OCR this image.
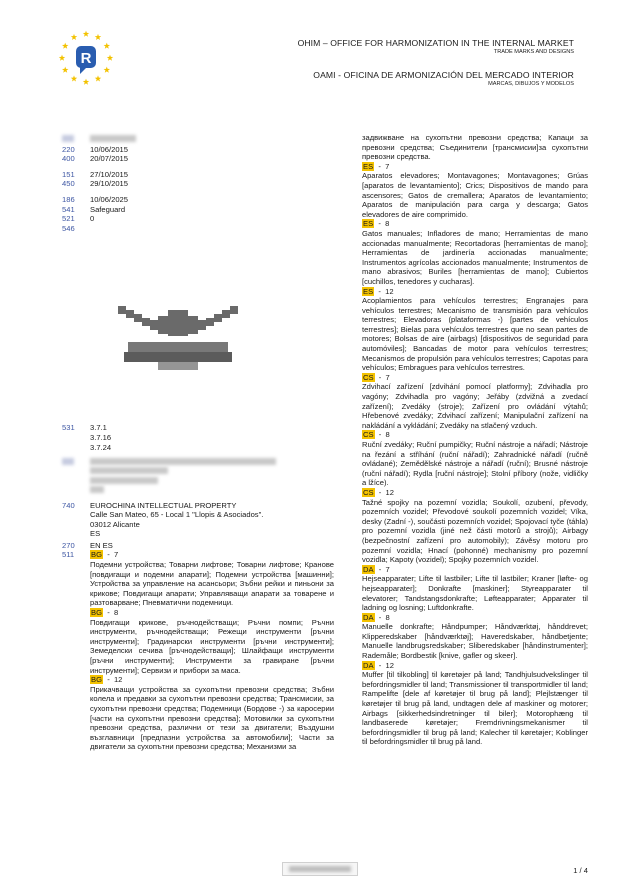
R
OHIM – OFFICE FOR HARMONIZATION IN THE INTERNAL MARKET
TRADE MARKS AND DESIGNS
OAMI - OFICINA DE ARMONIZACIÓN DEL MERCADO INTERIOR
MARCAS, DIBUJOS Y MODELOS
220	10/06/2015
400	20/07/2015
151	27/10/2015
450	29/10/2015
186	10/06/2025
541	Safeguard
521	0
546
531	3.7.1
3.7.16
3.7.24
740	EUROCHINA INTELLECTUAL PROPERTY
Calle San Mateo, 65 - Local 1 "Llopis & Asociados".
03012 Alicante
ES
270	EN ES
511	BG  -  7

Подемни устройства; Товарни лифтове; Товарни лифтове; Кранове [повдигащи и подемни апарати]; Подемни устройства [машинни]; Устройства за управление на асансьори; Зъбни рейки и пиньони за крикове; Повдигащи апарати; Управляващи апарати за товарене и разтоварване; Пневматични подемници.

BG  -  8

Повдигащи крикове, ръчнодействащи; Ръчни помпи; Ръчни инструменти, ръчнодействащи; Режещи инструменти [ръчни инструменти]; Градинарски инструменти [ръчни инструменти]; Земеделски сечива [ръчнодействащи]; Шлайфащи инструменти [ръчни инструменти]; Инструменти за гравиране [ръчни инструменти]; Сервизи и прибори за маса.

BG  -  12

Прикачващи устройства за сухопътни превозни средства; Зъбни колела и предавки за сухопътни превозни средства; Трансмисии, за сухопътни превозни средства; Подемници (Бордове -) за каросерии [части на сухопътни превозни средства]; Мотовилки за сухопътни превозни средства, различни от тези за двигатели; Въздушни възглавници [предпазни устройства за автомобили]; Части за двигатели за сухопътни превозни средства; Механизми за

задвижване на сухопътни превозни средства; Капаци за превозни средства; Съединители [трансмисии]за сухопътни превозни средства.

ES  -  7

Aparatos elevadores; Montavagones; Montavagones; Grúas [aparatos de levantamiento]; Crics; Dispositivos de mando para ascensores; Gatos de cremallera; Aparatos de levantamiento; Aparatos de manipulación para carga y descarga; Gatos elevadores de aire comprimido.

ES  -  8

Gatos manuales; Infladores de mano; Herramientas de mano accionadas manualmente; Recortadoras [herramientas de mano]; Herramientas de jardinería accionadas manualmente; Instrumentos agrícolas accionados manualmente; Instrumentos de mano abrasivos; Buriles [herramientas de mano]; Cubiertos [cuchillos, tenedores y cucharas].

ES  -  12

Acoplamientos para vehículos terrestres; Engranajes para vehículos terrestres; Mecanismo de transmisión para vehículos terrestres; Elevadoras (plataformas -) [partes de vehículos terrestres]; Bielas para vehículos terrestres que no sean partes de motores; Bolsas de aire (airbags) [dispositivos de seguridad para automóviles]; Bancadas de motor para vehículos terrestres; Mecanismos de propulsión para vehículos terrestres; Capotas para vehículos; Embragues para vehículos terrestres.

CS  -  7

Zdvihací zařízení [zdvihání pomocí platformy]; Zdvihadla pro vagóny; Zdvihadla pro vagóny; Jeřáby (zdvižná a zvedací zařízení); Zvedáky (stroje); Zařízení pro ovládání výtahů; Hřebenové zvedáky; Zdvihací zařízení; Manipulační zařízení na nakládání a vykládání; Zvedáky na stlačený vzduch.

CS  -  8

Ruční zvedáky; Ruční pumpičky; Ruční nástroje a nářadí; Nástroje na řezání a stříhání (ruční nářadí); Zahradnické nářadí (ručně ovládané); Zemědělské nástroje a nářadí (ruční); Brusné nástroje (ruční nářadí); Rydla [ruční nástroje]; Stolní příbory (nože, vidličky a lžíce).

CS  -  12

Tažné spojky na pozemní vozidla; Soukolí, ozubení, převody, pozemních vozidel; Převodové soukolí pozemních vozidel; Víka, desky (Zadní -), součásti pozemních vozidel; Spojovací tyče (táhla) pro pozemní vozidla (jiné než části motorů a strojů); Airbagy (bezpečnostní zařízení pro automobily); Závěsy motoru pro pozemní vozidla; Hnací (pohonné) mechanismy pro pozemní vozidla; Kapoty (vozidel); Spojky pozemních vozidel.

DA  -  7

Hejseapparater; Lifte til lastbiler; Lifte til lastbiler; Kraner [løfte- og hejseapparater]; Donkrafte [maskiner]; Styreapparater til elevatorer; Tandstangsdonkrafte; Løfteapparater; Apparater til ladning og losning; Luftdonkrafte.

DA  -  8

Manuelle donkrafte; Håndpumper; Håndværktøj, hånddrevet; Klipperedskaber [håndværktøj]; Haveredskaber, håndbetjente; Manuelle landbrugsredskaber; Sliberedskaber [håndinstrumenter]; Rademåle; Bordbestik [knive, gafler og skeer].

DA  -  12

Muffer [til tilkobling] til køretøjer på land; Tandhjulsudvekslinger til befordringsmidler til land; Transmissioner til transportmidler til land; Rampelifte [dele af køretøjer til brug på land]; Plejlstænger til køretøjer til brug på land, undtagen dele af maskiner og motorer; Airbags [sikkerhedsindretninger til biler]; Motorophæng til landbaserede køretøjer; Fremdrivningsmekanismer til befordringsmidler til brug på land; Kalecher til køretøjer; Koblinger til befordringsmidler til brug på land.

1 / 4
